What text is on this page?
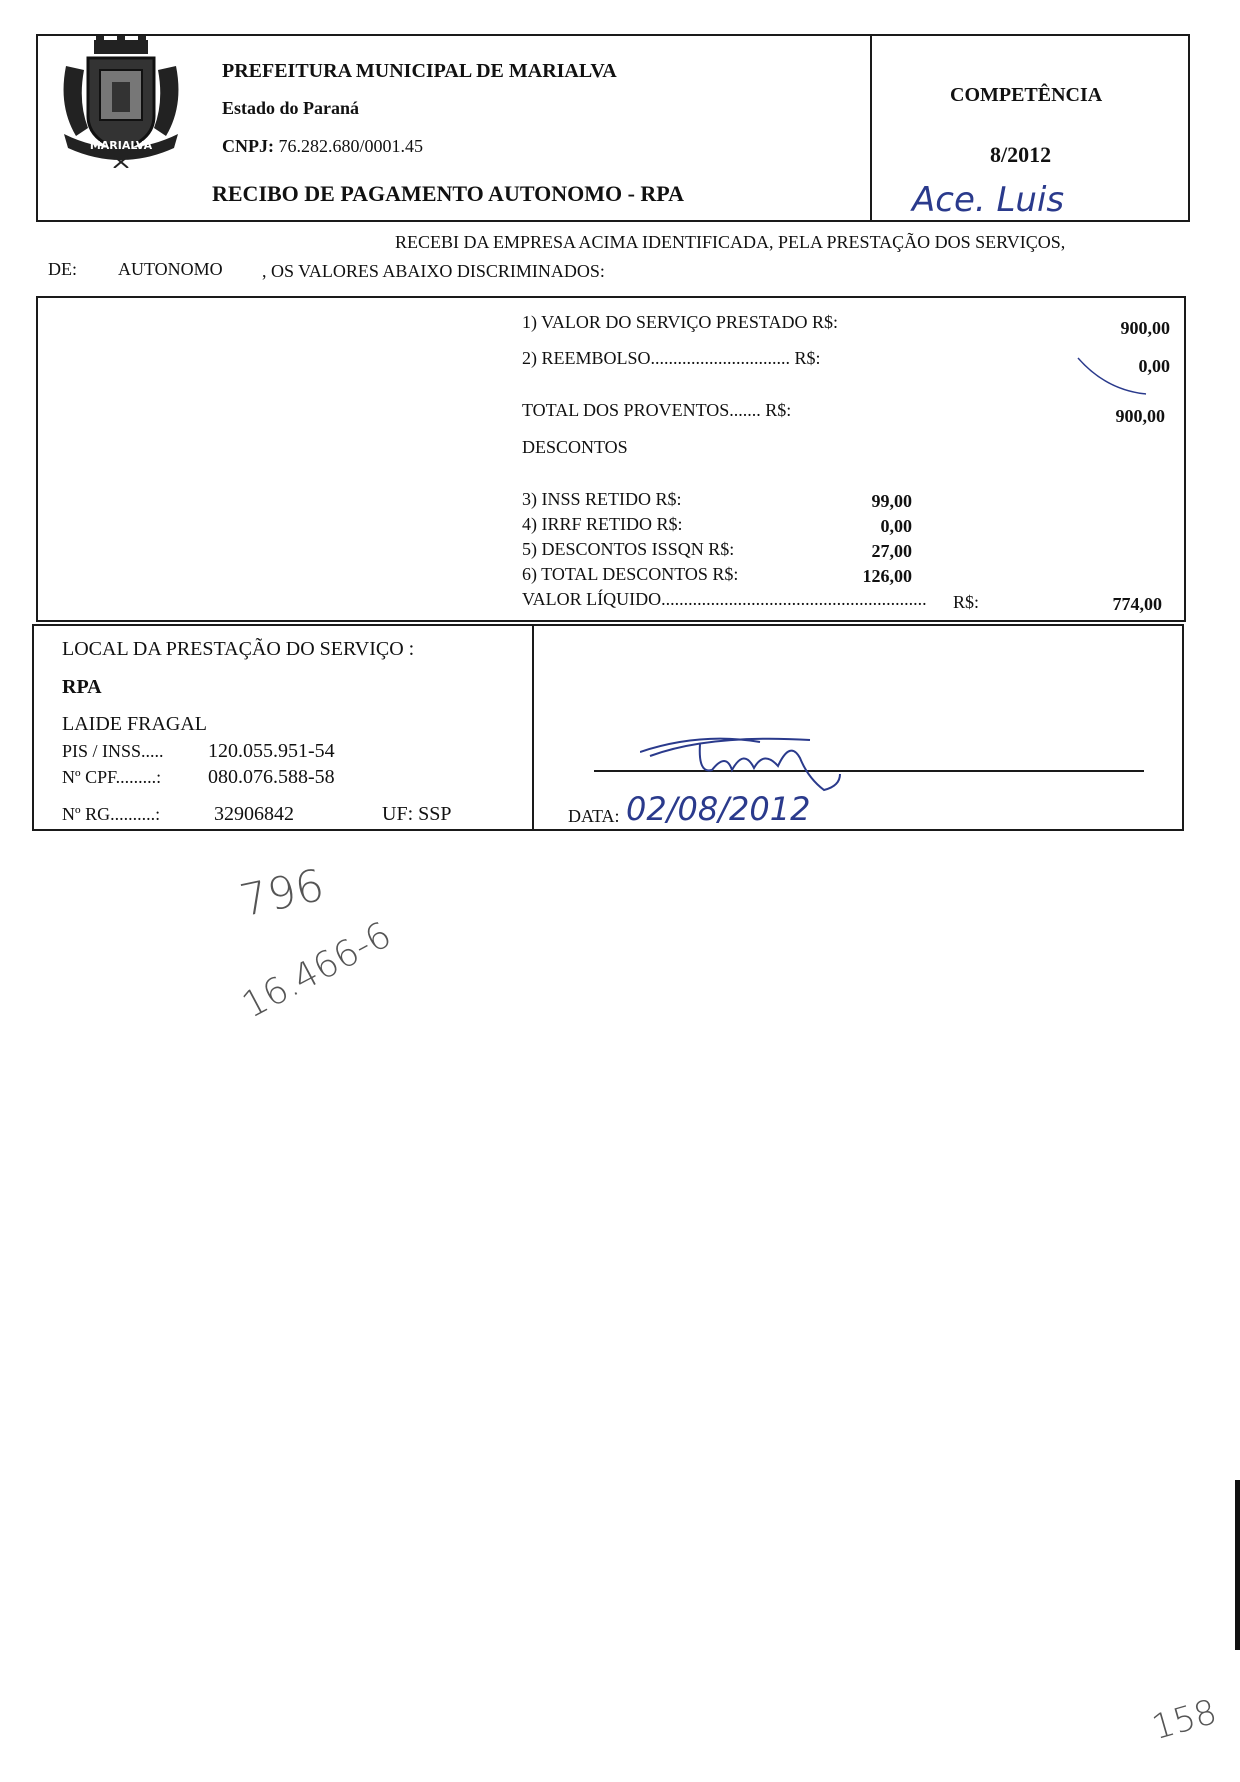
MARIALVA
PREFEITURA MUNICIPAL DE MARIALVA
Estado do Paraná
CNPJ: 76.282.680/0001.45
RECIBO DE PAGAMENTO AUTONOMO - RPA
COMPETÊNCIA
8/2012
Ace. Luis
RECEBI DA EMPRESA ACIMA IDENTIFICADA, PELA PRESTAÇÃO DOS SERVIÇOS,
DE: AUTONOMO , OS VALORES ABAIXO DISCRIMINADOS:
1) VALOR DO SERVIÇO PRESTADO R$:	900,00
2) REEMBOLSO............................... R$:	0,00
TOTAL DOS PROVENTOS....... R$:	900,00
DESCONTOS
3) INSS RETIDO R$:	99,00
4) IRRF RETIDO R$:	0,00
5) DESCONTOS ISSQN R$:	27,00
6) TOTAL DESCONTOS R$:	126,00
VALOR LÍQUIDO........................................................... R$:	774,00
LOCAL DA PRESTAÇÃO DO SERVIÇO :
RPA
LAIDE FRAGAL
PIS / INSS..... 120.055.951-54
Nº CPF.........: 080.076.588-58
Nº RG..........:	32906842	UF: SSP	DATA: 02/08/2012
796
16.466-6
158
